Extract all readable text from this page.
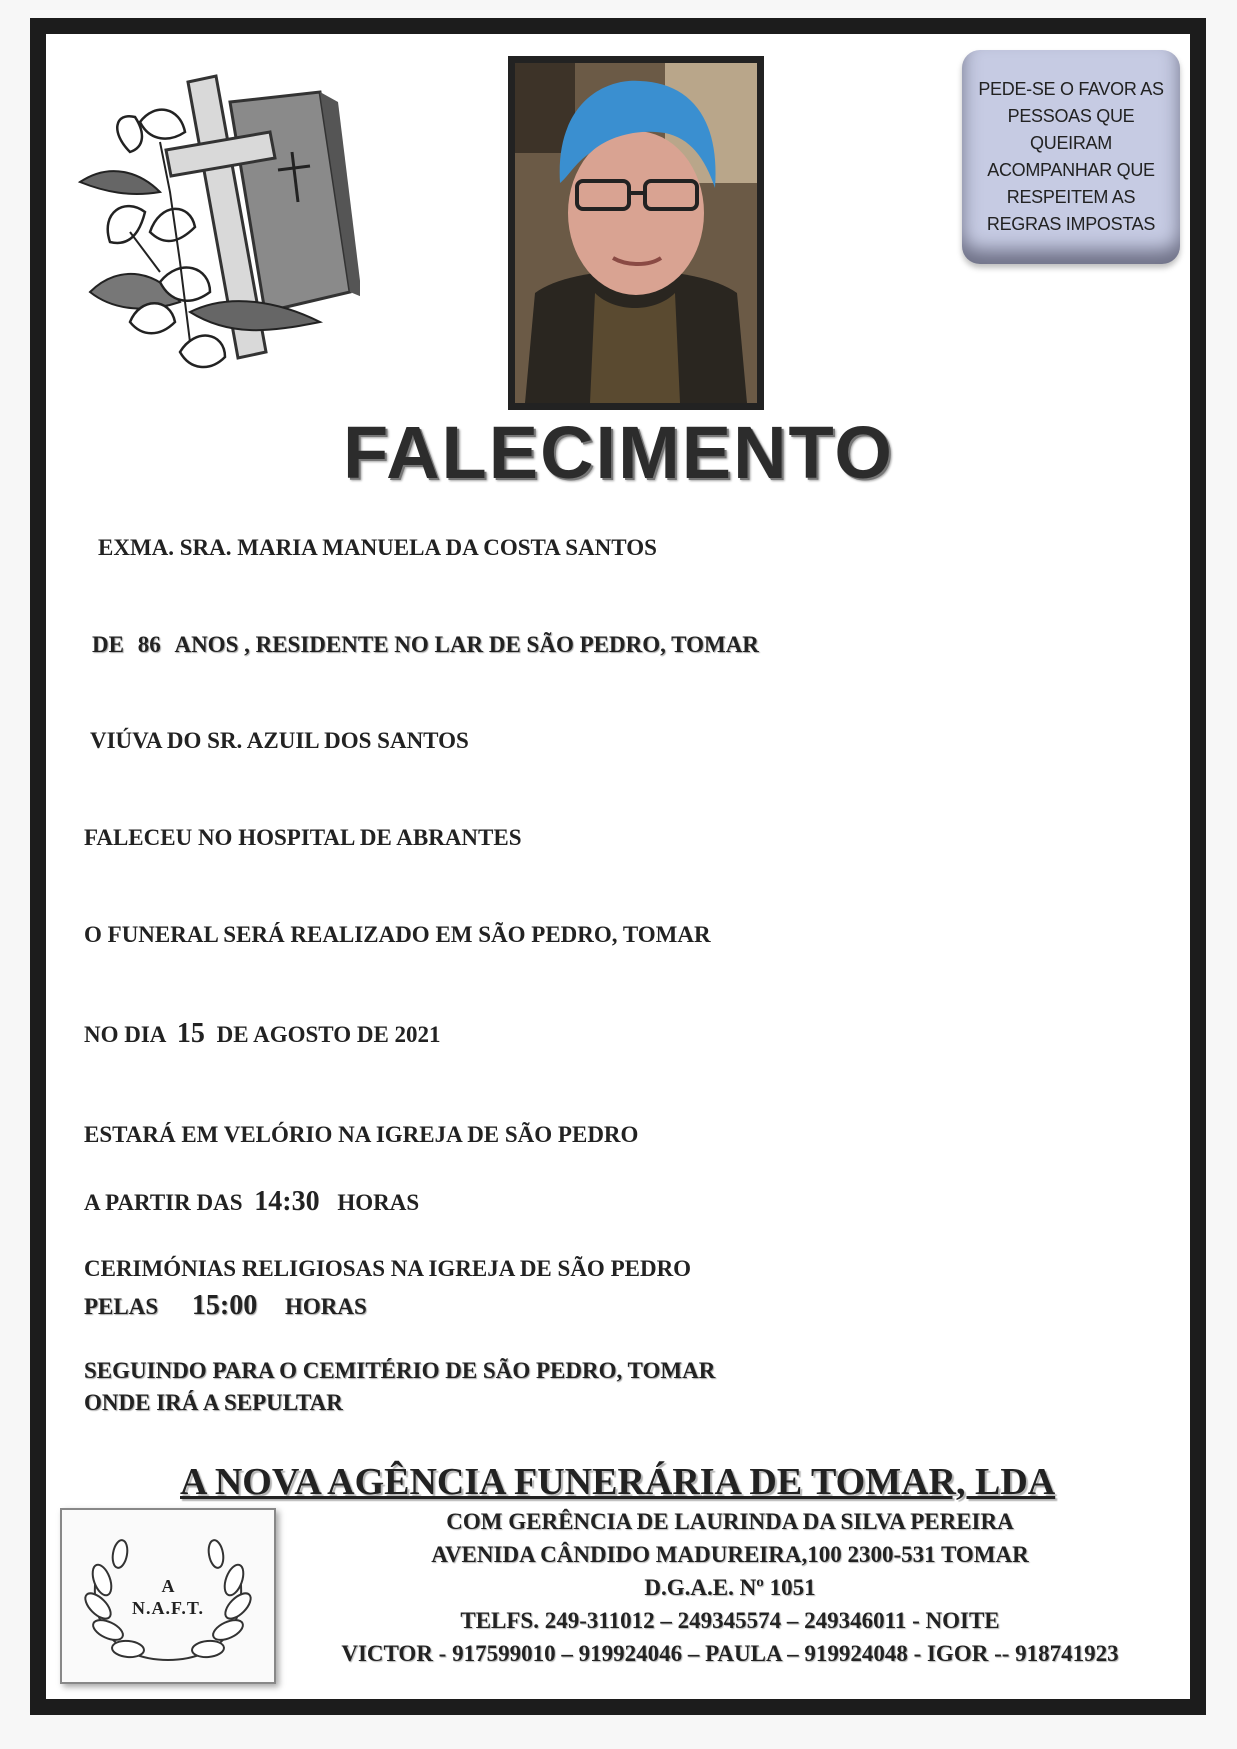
PEDE-SE O FAVOR AS PESSOAS QUE QUEIRAM ACOMPANHAR QUE RESPEITEM AS REGRAS IMPOSTAS
FALECIMENTO
EXMA. SRA. MARIA MANUELA DA COSTA SANTOS
DE 86 ANOS , RESIDENTE NO LAR DE SÃO PEDRO, TOMAR
VIÚVA DO SR. AZUIL DOS SANTOS
FALECEU NO HOSPITAL DE ABRANTES
O FUNERAL SERÁ REALIZADO EM SÃO PEDRO, TOMAR
NO DIA 15 DE AGOSTO DE 2021
ESTARÁ EM VELÓRIO NA IGREJA DE SÃO PEDRO
A PARTIR DAS 14:30 HORAS
CERIMÓNIAS RELIGIOSAS NA IGREJA DE SÃO PEDRO
PELAS 15:00 HORAS
SEGUINDO PARA O CEMITÉRIO DE SÃO PEDRO, TOMAR
ONDE IRÁ A SEPULTAR
A NOVA AGÊNCIA FUNERÁRIA DE TOMAR, LDA
COM GERÊNCIA DE LAURINDA DA SILVA PEREIRA
AVENIDA CÂNDIDO MADUREIRA,100 2300-531 TOMAR
D.G.A.E. Nº 1051
TELFS. 249-311012 – 249345574 – 249346011 - NOITE
VICTOR - 917599010 – 919924046 – PAULA – 919924048 - IGOR -- 918741923
A
N.A.F.T.
